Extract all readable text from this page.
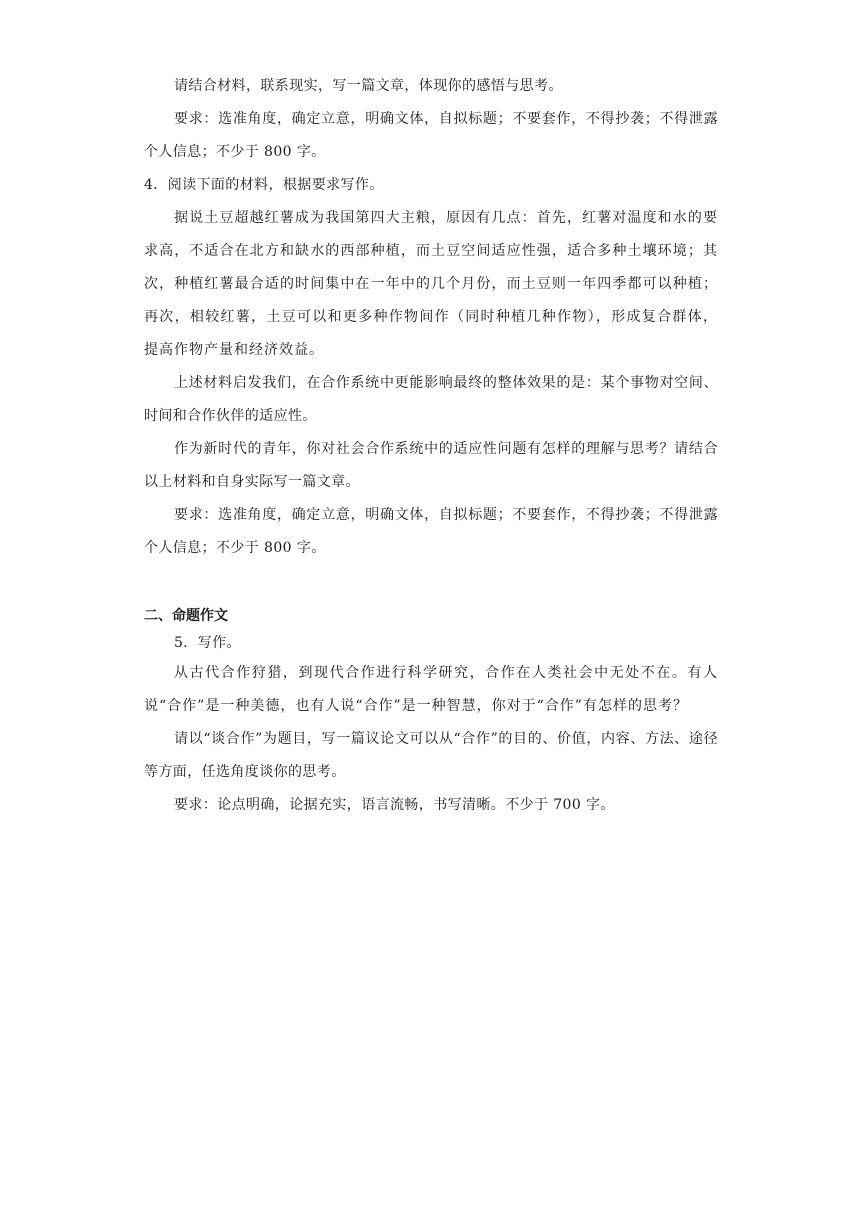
请结合材料，联系现实，写一篇文章，体现你的感悟与思考。

要求：选准角度，确定立意，明确文体，自拟标题；不要套作，不得抄袭；不得泄露个人信息；不少于 800 字。

4．阅读下面的材料，根据要求写作。

据说土豆超越红薯成为我国第四大主粮，原因有几点：首先，红薯对温度和水的要求高，不适合在北方和缺水的西部种植，而土豆空间适应性强，适合多种土壤环境；其次，种植红薯最合适的时间集中在一年中的几个月份，而土豆则一年四季都可以种植；再次，相较红薯，土豆可以和更多种作物间作（同时种植几种作物），形成复合群体，提高作物产量和经济效益。

上述材料启发我们，在合作系统中更能影响最终的整体效果的是：某个事物对空间、时间和合作伙伴的适应性。

作为新时代的青年，你对社会合作系统中的适应性问题有怎样的理解与思考？请结合以上材料和自身实际写一篇文章。

要求：选准角度，确定立意，明确文体，自拟标题；不要套作，不得抄袭；不得泄露个人信息；不少于 800 字。

二、命题作文

5．写作。

从古代合作狩猎，到现代合作进行科学研究，合作在人类社会中无处不在。有人说“合作”是一种美德，也有人说“合作”是一种智慧，你对于“合作”有怎样的思考？

请以“谈合作”为题目，写一篇议论文可以从“合作”的目的、价值，内容、方法、途径等方面，任选角度谈你的思考。

要求：论点明确，论据充实，语言流畅，书写清晰。不少于 700 字。
